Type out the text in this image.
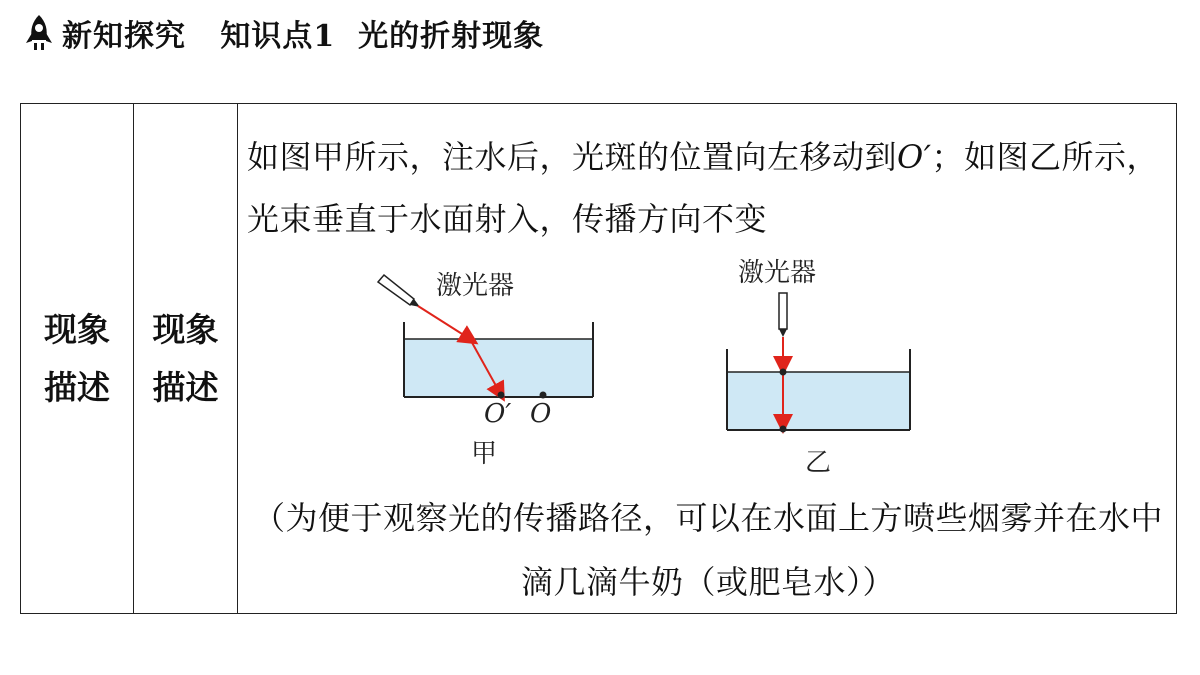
新知探究   知识点1  光的折射现象
现象描述
现象描述
如图甲所示，注水后，光斑的位置向左移动到O′；如图乙所示，光束垂直于水面射入，传播方向不变
激光器
O′ O
甲
激光器
乙
（为便于观察光的传播路径，可以在水面上方喷些烟雾并在水中滴几滴牛奶（或肥皂水））
